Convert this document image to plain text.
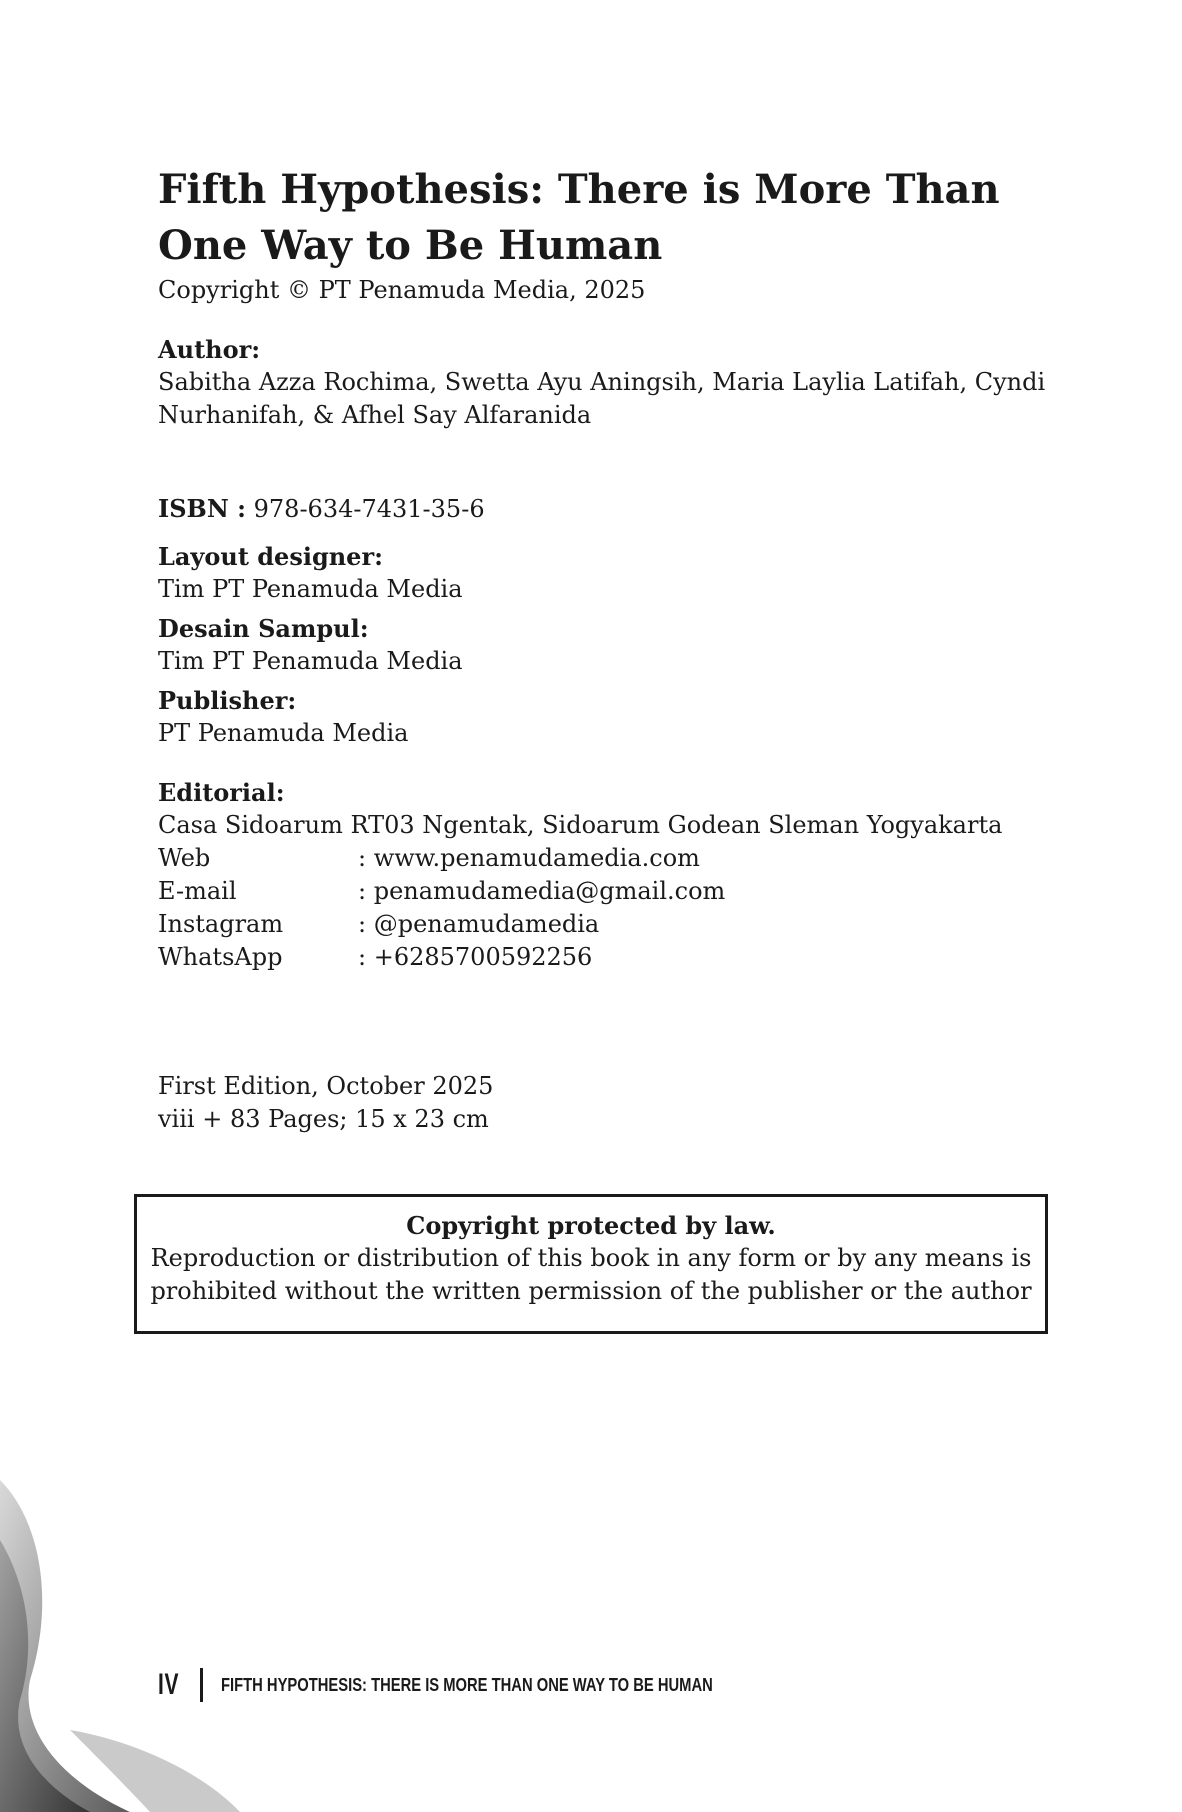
Fifth Hypothesis: There is More Than

One Way to Be Human

Copyright © PT Penamuda Media, 2025

Author:

Sabitha Azza Rochima, Swetta Ayu Aningsih, Maria Laylia Latifah, Cyndi

Nurhanifah, & Afhel Say Alfaranida

ISBN : 978-634-7431-35-6

Layout designer:

Tim PT Penamuda Media

Desain Sampul:

Tim PT Penamuda Media

Publisher:

PT Penamuda Media

Editorial:

Casa Sidoarum RT03 Ngentak, Sidoarum Godean Sleman Yogyakarta

Web	: www.penamudamedia.com
E-mail	: penamudamedia@gmail.com
Instagram	: @penamudamedia
WhatsApp	: +6285700592256

First Edition, October 2025

viii + 83 Pages; 15 x 23 cm

Copyright protected by law.

Reproduction or distribution of this book in any form or by any means is

prohibited without the written permission of the publisher or the author

IV FIFTH HYPOTHESIS: THERE IS MORE THAN ONE WAY TO BE HUMAN
